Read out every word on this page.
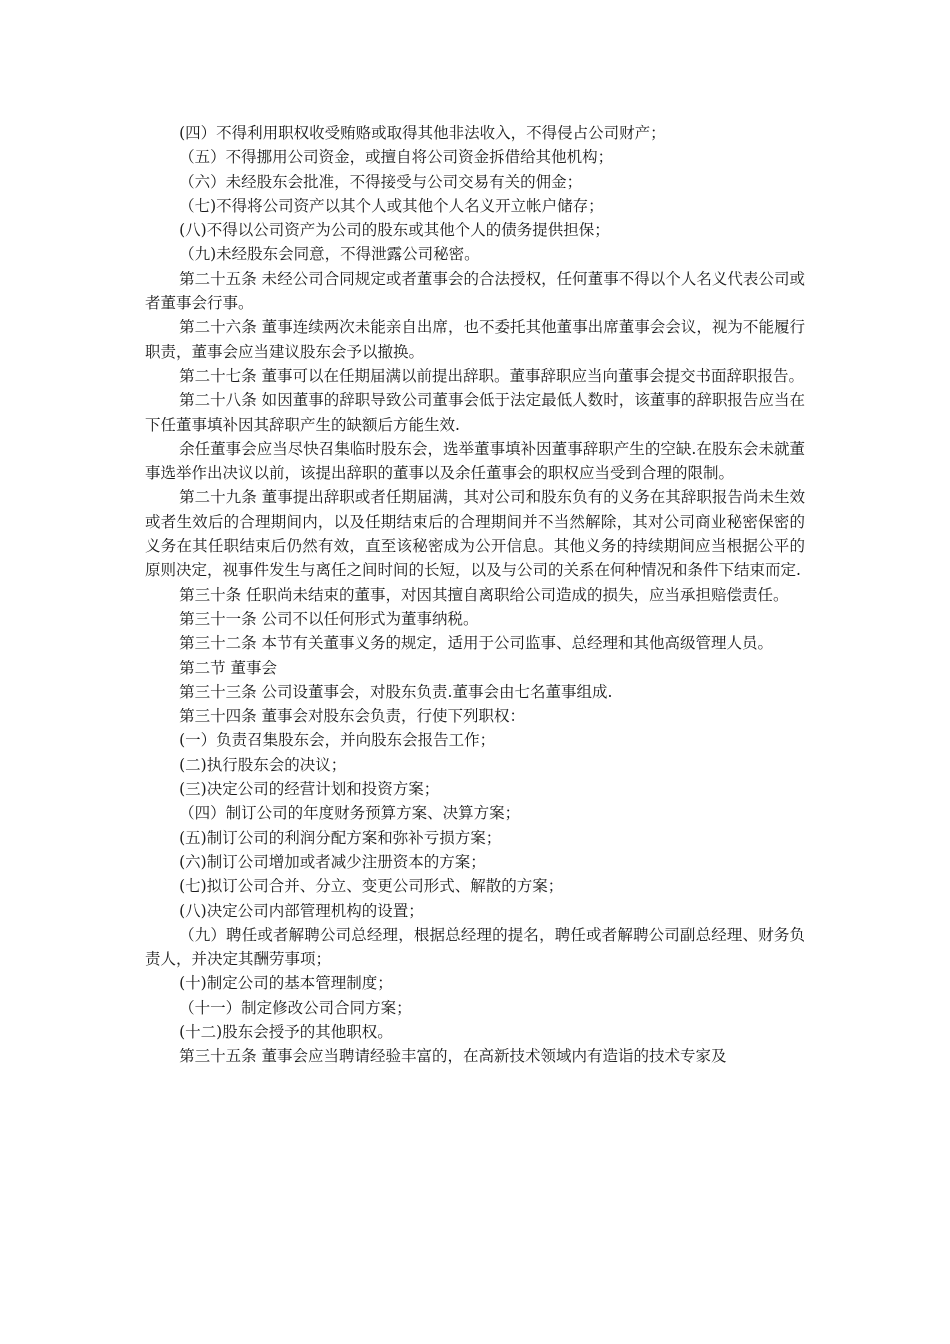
(四）不得利用职权收受贿赂或取得其他非法收入，不得侵占公司财产；

（五）不得挪用公司资金，或擅自将公司资金拆借给其他机构；

（六）未经股东会批准，不得接受与公司交易有关的佣金；

（七)不得将公司资产以其个人或其他个人名义开立帐户储存；

(八)不得以公司资产为公司的股东或其他个人的债务提供担保；

（九)未经股东会同意，不得泄露公司秘密。

第二十五条 未经公司合同规定或者董事会的合法授权，任何董事不得以个人名义代表公司或者董事会行事。

第二十六条 董事连续两次未能亲自出席，也不委托其他董事出席董事会会议，视为不能履行职责，董事会应当建议股东会予以撤换。

第二十七条 董事可以在任期届满以前提出辞职。董事辞职应当向董事会提交书面辞职报告。

第二十八条 如因董事的辞职导致公司董事会低于法定最低人数时，该董事的辞职报告应当在下任董事填补因其辞职产生的缺额后方能生效.

余任董事会应当尽快召集临时股东会，选举董事填补因董事辞职产生的空缺.在股东会未就董事选举作出决议以前，该提出辞职的董事以及余任董事会的职权应当受到合理的限制。

第二十九条 董事提出辞职或者任期届满，其对公司和股东负有的义务在其辞职报告尚未生效或者生效后的合理期间内，以及任期结束后的合理期间并不当然解除，其对公司商业秘密保密的义务在其任职结束后仍然有效，直至该秘密成为公开信息。其他义务的持续期间应当根据公平的原则决定，视事件发生与离任之间时间的长短，以及与公司的关系在何种情况和条件下结束而定.

第三十条 任职尚未结束的董事，对因其擅自离职给公司造成的损失，应当承担赔偿责任。

第三十一条 公司不以任何形式为董事纳税。

第三十二条 本节有关董事义务的规定，适用于公司监事、总经理和其他高级管理人员。

第二节 董事会

第三十三条 公司设董事会，对股东负责.董事会由七名董事组成.

第三十四条 董事会对股东会负责，行使下列职权：

(一）负责召集股东会，并向股东会报告工作；

(二)执行股东会的决议；

(三)决定公司的经营计划和投资方案；

（四）制订公司的年度财务预算方案、决算方案；

(五)制订公司的利润分配方案和弥补亏损方案；

(六)制订公司增加或者减少注册资本的方案；

(七)拟订公司合并、分立、变更公司形式、解散的方案；

(八)决定公司内部管理机构的设置；

（九）聘任或者解聘公司总经理，根据总经理的提名，聘任或者解聘公司副总经理、财务负责人，并决定其酬劳事项；

(十)制定公司的基本管理制度；

（十一）制定修改公司合同方案；

(十二)股东会授予的其他职权。

第三十五条 董事会应当聘请经验丰富的，在高新技术领域内有造诣的技术专家及
